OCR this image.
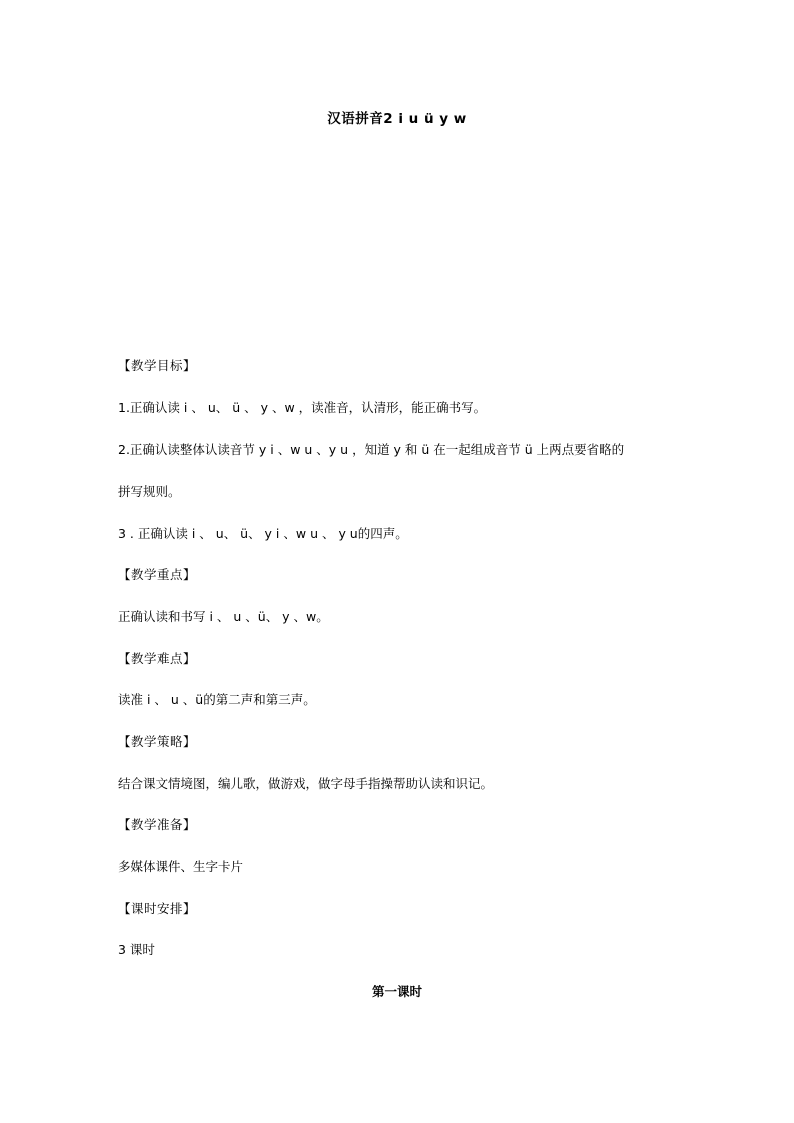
汉语拼音2 i u ü y w
【教学目标】
1.正确认读 i 、 u、 ü 、 y 、w ，读准音，认清形，能正确书写。
2.正确认读整体认读音节 y i 、w u 、y u ，知道 y 和 ü 在一起组成音节 ü 上两点要省略的
拼写规则。
3 . 正确认读 i 、 u、 ü、 y i 、w u 、 y u的四声。
【教学重点】
正确认读和书写 i 、 u 、ü、 y 、w。
【教学难点】
读准 i 、 u 、ü的第二声和第三声。
【教学策略】
结合课文情境图，编儿歌，做游戏，做字母手指操帮助认读和识记。
【教学准备】
多媒体课件、生字卡片
【课时安排】
3 课时
第一课时
